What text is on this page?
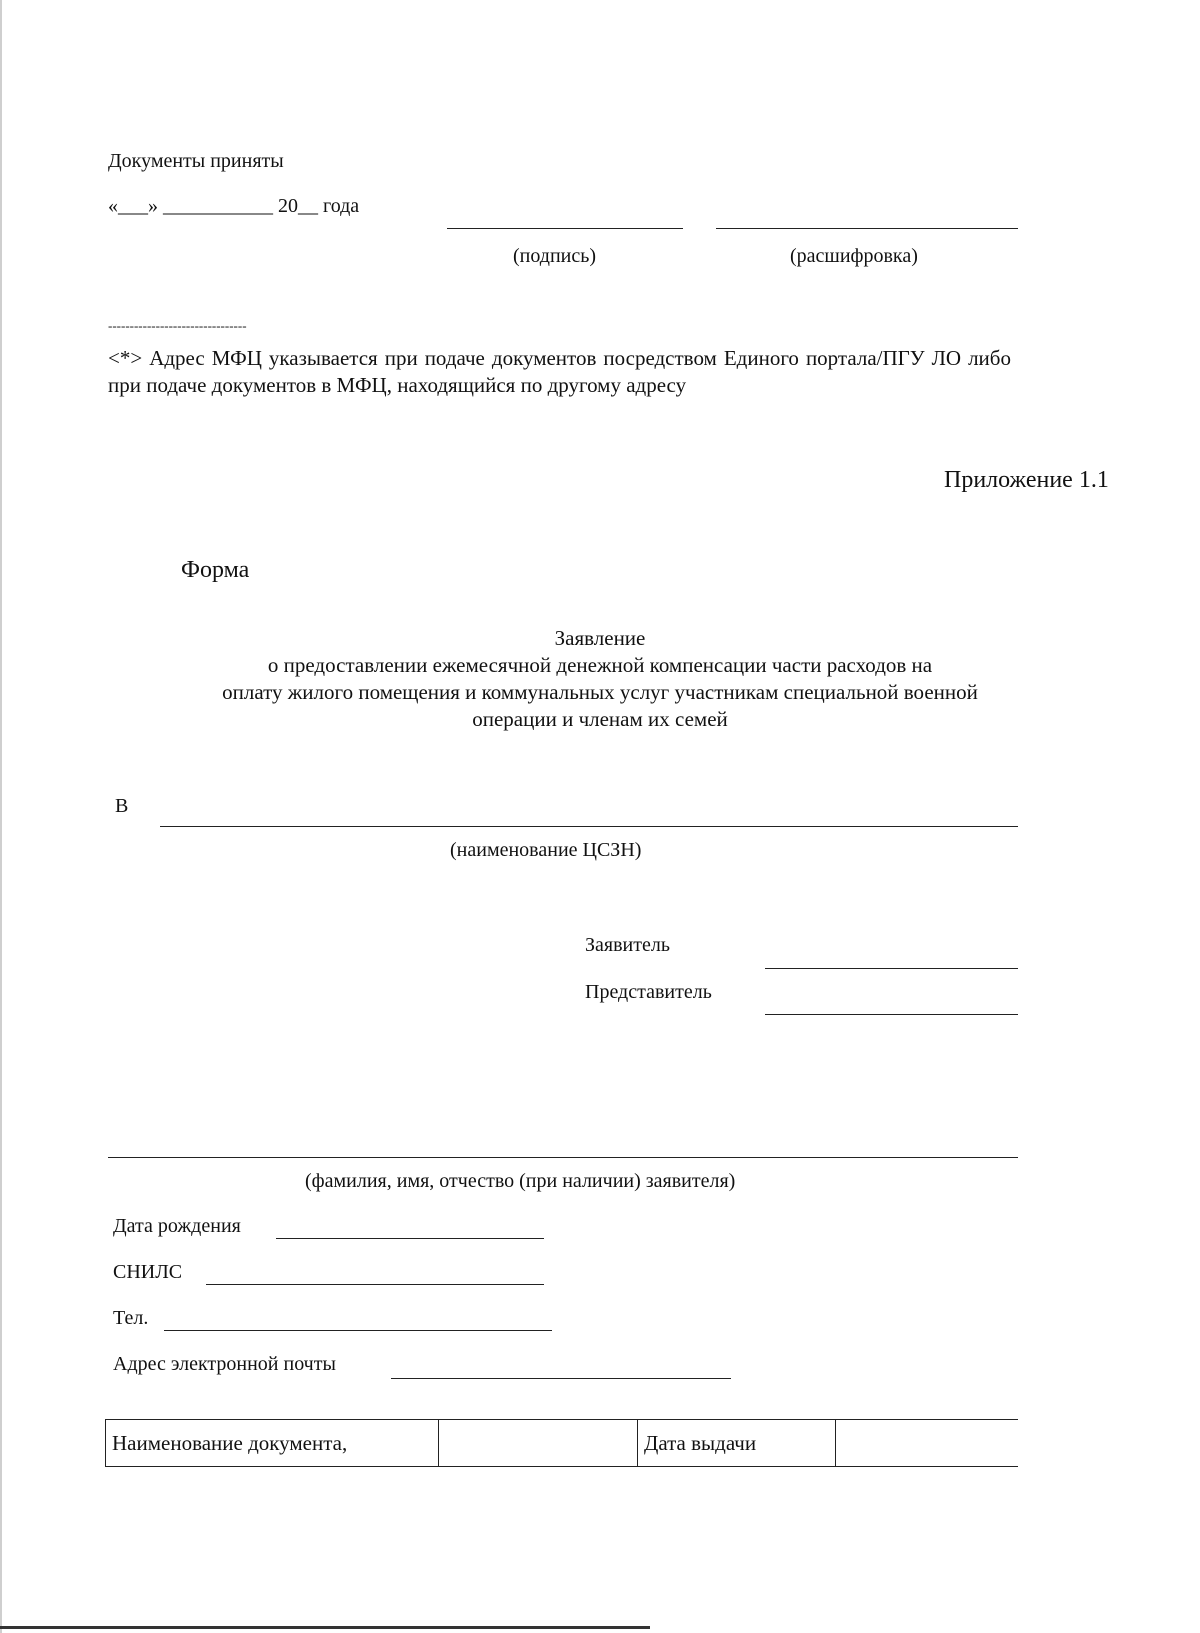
Документы приняты
«___» ___________ 20__ года
(подпись)	(расшифровка)
--------------------------------
<*> Адрес МФЦ указывается при подаче документов посредством Единого портала/ПГУ ЛО либо при подаче документов в МФЦ, находящийся по другому адресу
Приложение 1.1
Форма
Заявление
о предоставлении ежемесячной денежной компенсации части расходов на
оплату жилого помещения и коммунальных услуг участникам специальной военной
операции и членам их семей
В
(наименование ЦСЗН)
Заявитель
Представитель
(фамилия, имя, отчество (при наличии) заявителя)
Дата рождения
СНИЛС
Тел.
Адрес электронной почты
Наименование документа,	Дата выдачи
